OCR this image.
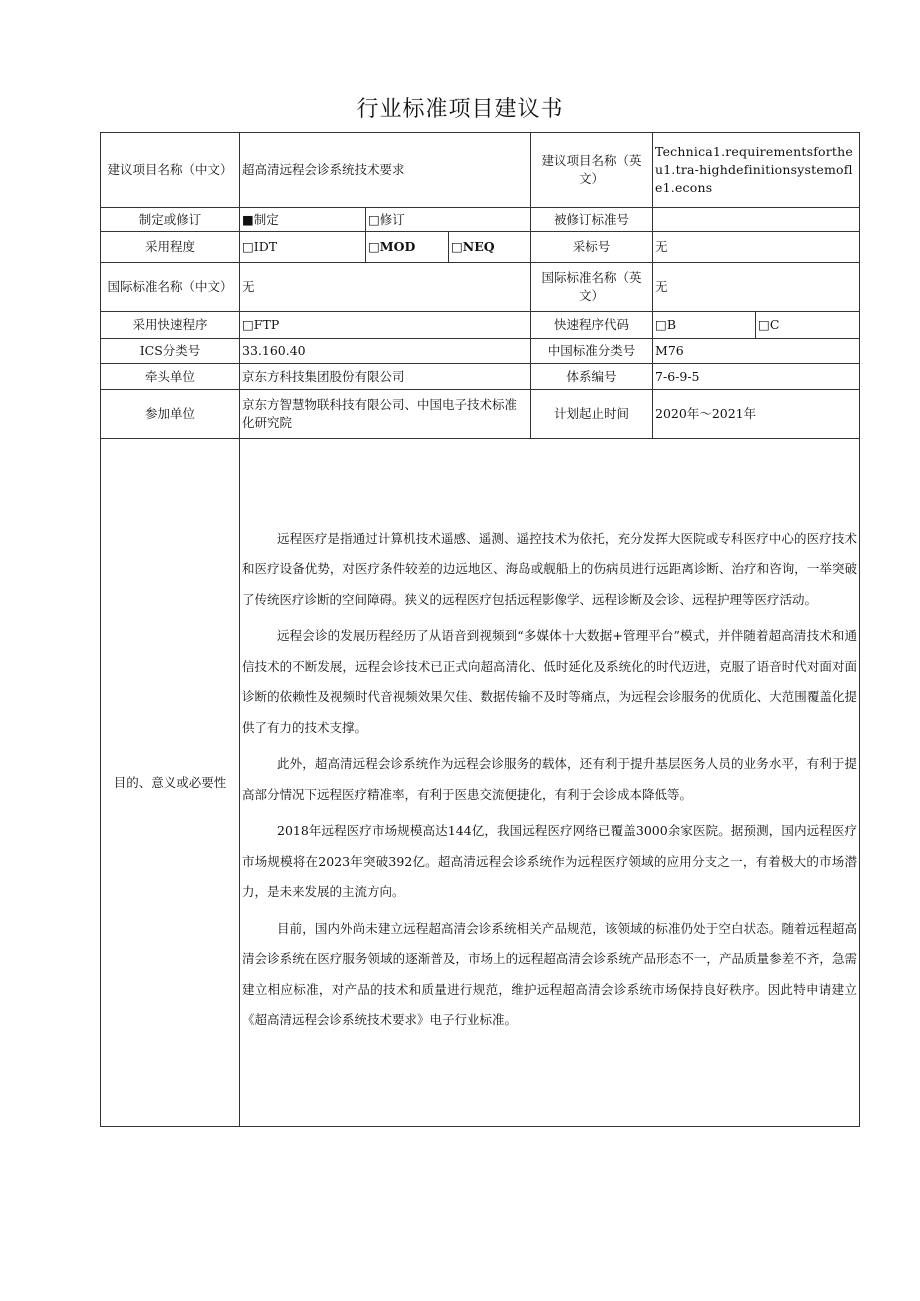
行业标准项目建议书
建议项目名称（中文）	超高清远程会诊系统技术要求			建议项目名称（英文）	Technica1.requirementsfortheu1.tra-highdefinitionsystemofle1.econs	
制定或修订	■制定	□修订		被修订标准号		
采用程度	□IDT	□MOD	□NEQ	采标号	无	
国际标准名称（中文）	无			国际标准名称（英文）	无	
采用快速程序	□FTP			快速程序代码	□B	□C
ICS分类号	33.160.40			中国标准分类号	M76	
牵头单位	京东方科技集团股份有限公司			体系编号	7-6-9-5	
参加单位	京东方智慧物联科技有限公司、中国电子技术标准化研究院			计划起止时间	2020年～2021年	
目的、意义或必要性	远程医疗是指通过计算机技术遥感、遥测、遥控技术为依托，充分发挥大医院或专科医疗中心的医疗技术和医疗设备优势，对医疗条件较差的边远地区、海岛或舰船上的伤病员进行远距离诊断、治疗和咨询，一举突破了传统医疗诊断的空间障碍。狭义的远程医疗包括远程影像学、远程诊断及会诊、远程护理等医疗活动。

远程会诊的发展历程经历了从语音到视频到“多媒体十大数据+管理平台”模式，并伴随着超高清技术和通信技术的不断发展，远程会诊技术已正式向超高清化、低时延化及系统化的时代迈进，克服了语音时代对面对面诊断的依赖性及视频时代音视频效果欠佳、数据传输不及时等痛点，为远程会诊服务的优质化、大范围覆盖化提供了有力的技术支撑。

此外，超高清远程会诊系统作为远程会诊服务的载体，还有利于提升基层医务人员的业务水平，有利于提高部分情况下远程医疗精准率，有利于医患交流便捷化，有利于会诊成本降低等。

2018年远程医疗市场规模高达144亿，我国远程医疗网络已覆盖3000余家医院。据预测，国内远程医疗市场规模将在2023年突破392亿。超高清远程会诊系统作为远程医疗领域的应用分支之一，有着极大的市场潜力，是未来发展的主流方向。

目前，国内外尚未建立远程超高清会诊系统相关产品规范，该领域的标准仍处于空白状态。随着远程超高清会诊系统在医疗服务领域的逐渐普及，市场上的远程超高清会诊系统产品形态不一，产品质量参差不齐，急需建立相应标准，对产品的技术和质量进行规范，维护远程超高清会诊系统市场保持良好秩序。因此特申请建立《超高清远程会诊系统技术要求》电子行业标准。					
